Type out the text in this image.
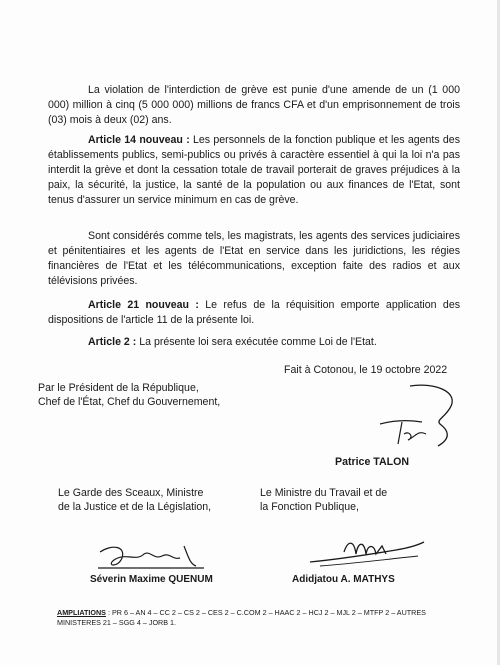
La violation de l'interdiction de grève est punie d'une amende de un (1 000 000) million à cinq (5 000 000) millions de francs CFA et d'un emprisonnement de trois (03) mois à deux (02) ans.

Article 14 nouveau : Les personnels de la fonction publique et les agents des établissements publics, semi-publics ou privés à caractère essentiel à qui la loi n'a pas interdit la grève et dont la cessation totale de travail porterait de graves préjudices à la paix, la sécurité, la justice, la santé de la population ou aux finances de l'Etat, sont tenus d'assurer un service minimum en cas de grève.

Sont considérés comme tels, les magistrats, les agents des services judiciaires et pénitentiaires et les agents de l'Etat en service dans les juridictions, les régies financières de l'Etat et les télécommunications, exception faite des radios et aux télévisions privées.

Article 21 nouveau : Le refus de la réquisition emporte application des dispositions de l'article 11 de la présente loi.

Article 2 : La présente loi sera exécutée comme Loi de l'Etat.

Fait à Cotonou, le 19 octobre 2022

Par le Président de la République,
Chef de l'État, Chef du Gouvernement,

Patrice TALON

Le Garde des Sceaux, Ministre
de la Justice et de la Législation,

Le Ministre du Travail et de
la Fonction Publique,

Séverin Maxime QUENUM	Adidjatou A. MATHYS

AMPLIATIONS : PR 6 – AN 4 – CC 2 – CS 2 – CES 2 – C.COM 2 – HAAC 2 – HCJ 2 – MJL 2 – MTFP 2 – AUTRES MINISTERES 21 – SGG 4 – JORB 1.
